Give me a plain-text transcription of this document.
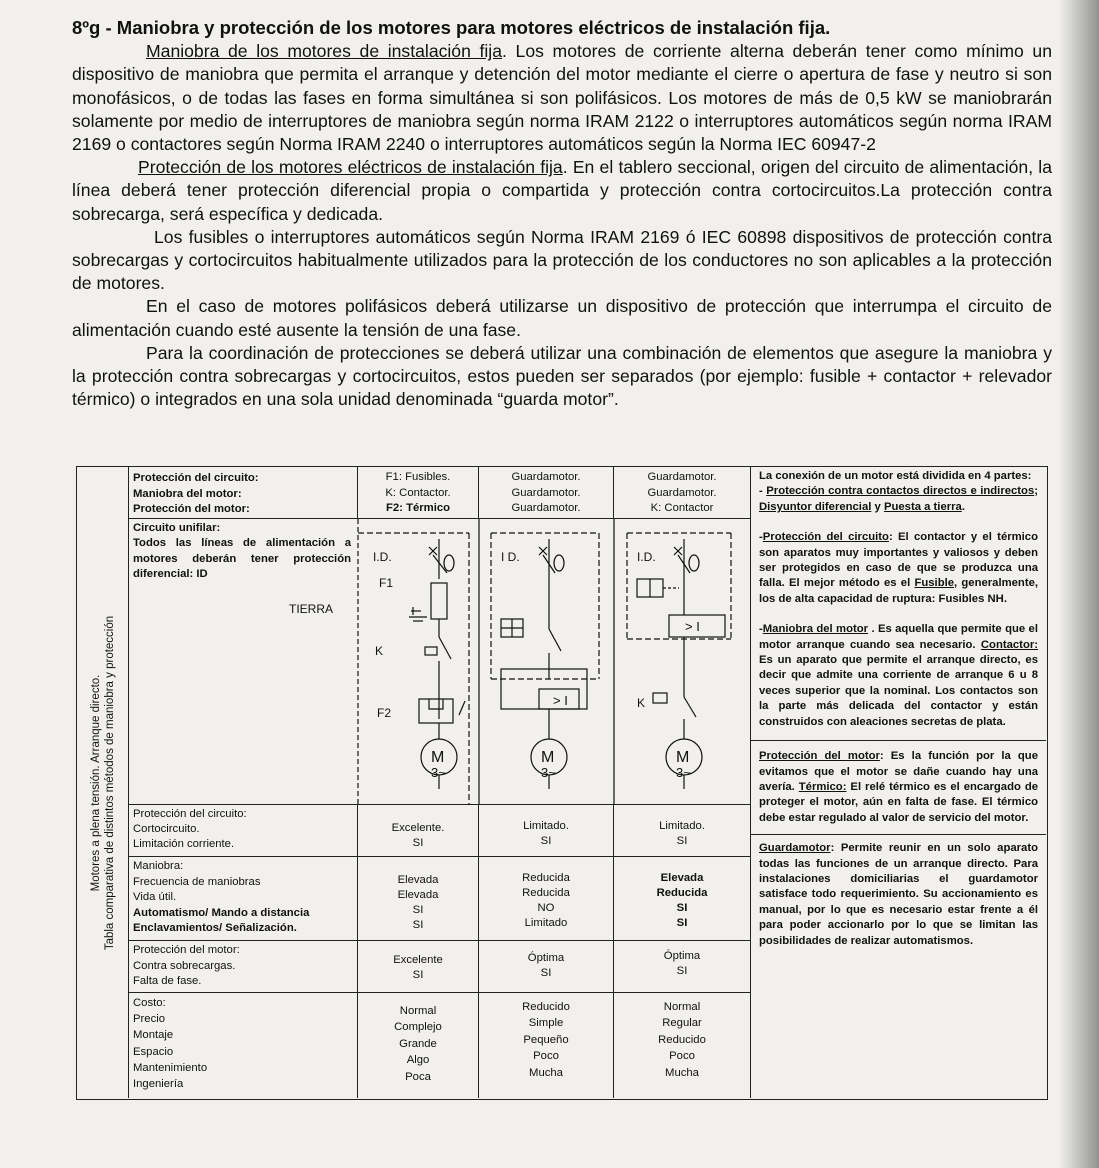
8ºg - Maniobra y protección de los motores para motores eléctricos de instalación fija.

Maniobra de los motores de instalación fija. Los motores de corriente alterna deberán tener como mínimo un dispositivo de maniobra que permita el arranque y detención del motor mediante el cierre o apertura de fase y neutro si son monofásicos, o de todas las fases en forma simultánea si son polifásicos. Los motores de más de 0,5 kW se maniobrarán solamente por medio de interruptores de maniobra según norma IRAM 2122 o interruptores automáticos según norma IRAM 2169 o contactores según Norma IRAM 2240 o interruptores automáticos según la Norma IEC 60947-2

Protección de los motores eléctricos de instalación fija. En el tablero seccional, origen del circuito de alimentación, la línea deberá tener protección diferencial propia o compartida y protección contra cortocircuitos.La protección contra sobrecarga, será específica y dedicada.

Los fusibles o interruptores automáticos según Norma IRAM 2169 ó IEC 60898 dispositivos de protección contra sobrecargas y cortocircuitos habitualmente utilizados para la protección de los conductores no son aplicables a la protección de motores.

En el caso de motores polifásicos deberá utilizarse un dispositivo de protección que interrumpa el circuito de alimentación cuando esté ausente la tensión de una fase.

Para la coordinación de protecciones se deberá utilizar una combinación de elementos que asegure la maniobra y la protección contra sobrecargas y cortocircuitos, estos pueden ser separados (por ejemplo: fusible + contactor + relevador térmico) o integrados en una sola unidad denominada “guarda motor”.

Motores a plena tensión. Arranque directo. Tabla comparativa de distintos métodos de maniobra y protección
Protección del circuito:
Maniobra del motor:
Protección del motor:
F1: Fusibles.
K: Contactor.
F2: Térmico
Guardamotor.
Guardamotor.
Guardamotor.
Guardamotor.
Guardamotor.
K: Contactor
Circuito unifilar:
Todos las líneas de alimentación a motores deberán tener protección diferencial: ID
I.D.
F1
K
F2
M
3~
I D.
> I
M
3~
I.D.
> I
K
M
3~
TIERRA
Protección del circuito:
Cortocircuito.
Limitación corriente.
Excelente.
SI
Limitado.
SI
Limitado.
SI
Maniobra:
Frecuencia de maniobras
Vida útil.
Automatismo/ Mando a distancia
Enclavamientos/ Señalización.
Elevada
Elevada
SI
SI
Reducida
Reducida
NO
Limitado
Elevada
Reducida
SI
SI
Protección del motor:
Contra sobrecargas.
Falta de fase.
Excelente
SI
Óptima
SI
Óptima
SI
Costo:
Precio
Montaje
Espacio
Mantenimiento
Ingeniería
Normal
Complejo
Grande
Algo
Poca
Reducido
Simple
Pequeño
Poco
Mucha
Normal
Regular
Reducido
Poco
Mucha

La conexión de un motor está dividida en 4 partes:

- Protección contra contactos directos e indirectos; Disyuntor diferencial y Puesta a tierra.

-Protección del circuito: El contactor y el térmico son aparatos muy importantes y valiosos y deben ser protegidos en caso de que se produzca una falla. El mejor método es el Fusible, generalmente, los de alta capacidad de ruptura: Fusibles NH.

-Maniobra del motor . Es aquella que permite que el motor arranque cuando sea necesario. Contactor: Es un aparato que permite el arranque directo, es decir que admite una corriente de arranque 6 u 8 veces superior que la nominal. Los contactos son la parte más delicada del contactor y están construidos con aleaciones secretas de plata.

Protección del motor: Es la función por la que evitamos que el motor se dañe cuando hay una avería. Térmico: El relé térmico es el encargado de proteger el motor, aún en falta de fase. El térmico debe estar regulado al valor de servicio del motor.

Guardamotor: Permite reunir en un solo aparato todas las funciones de un arranque directo. Para instalaciones domiciliarias el guardamotor satisface todo requerimiento. Su accionamiento es manual, por lo que es necesario estar frente a él para poder accionarlo por lo que se limitan las posibilidades de realizar automatismos.
